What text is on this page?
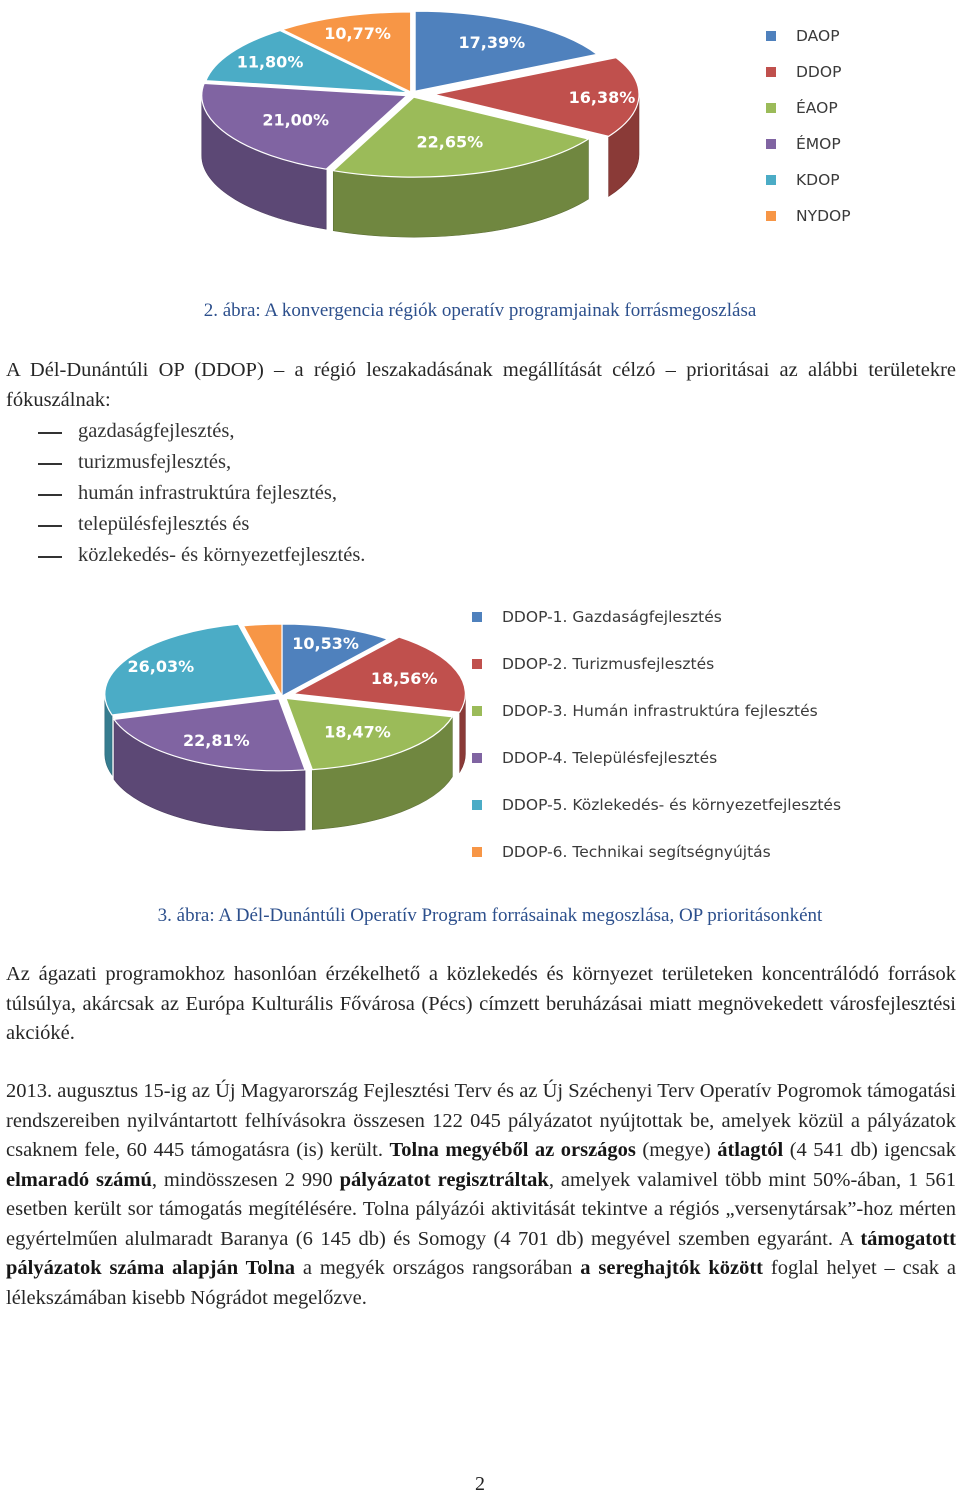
17,39%
16,38%
22,65%
21,00%
11,80%
10,77%	DAOP
DDOP
ÉAOP
ÉMOP
KDOP
NYDOP
2. ábra: A konvergencia régiók operatív programjainak forrásmegoszlása
A Dél-Dunántúli OP (DDOP) – a régió leszakadásának megállítását célzó – prioritásai az alábbi területekre fókuszálnak:
gazdaságfejlesztés,
turizmusfejlesztés,
humán infrastruktúra fejlesztés,
településfejlesztés és
közlekedés- és környezetfejlesztés.
10,53%
18,56%
18,47%
22,81%
26,03%
DDOP-1. Gazdaságfejlesztés
DDOP-2. Turizmusfejlesztés
DDOP-3. Humán infrastruktúra fejlesztés
DDOP-4. Településfejlesztés
DDOP-5. Közlekedés- és környezetfejlesztés
DDOP-6. Technikai segítségnyújtás
3. ábra: A Dél-Dunántúli Operatív Program forrásainak megoszlása, OP prioritásonként
Az ágazati programokhoz hasonlóan érzékelhető a közlekedés és környezet területeken koncentrálódó források túlsúlya, akárcsak az Európa Kulturális Fővárosa (Pécs) címzett beruházásai miatt megnövekedett városfejlesztési akcióké.
2013. augusztus 15-ig az Új Magyarország Fejlesztési Terv és az Új Széchenyi Terv Operatív Pogromok támogatási rendszereiben nyilvántartott felhívásokra összesen 122 045 pályázatot nyújtottak be, amelyek közül a pályázatok csaknem fele, 60 445 támogatásra (is) került. Tolna megyéből az országos (megye) átlagtól (4 541 db) igencsak elmaradó számú, mindösszesen 2 990 pályázatot regisztráltak, amelyek valamivel több mint 50%-ában, 1 561 esetben került sor támogatás megítélésére. Tolna pályázói aktivitását tekintve a régiós „versenytársak”-hoz mérten egyértelműen alulmaradt Baranya (6 145 db) és Somogy (4 701 db) megyével szemben egyaránt. A támogatott pályázatok száma alapján Tolna a megyék országos rangsorában a sereghajtók között foglal helyet – csak a lélekszámában kisebb Nógrádot megelőzve.
2
